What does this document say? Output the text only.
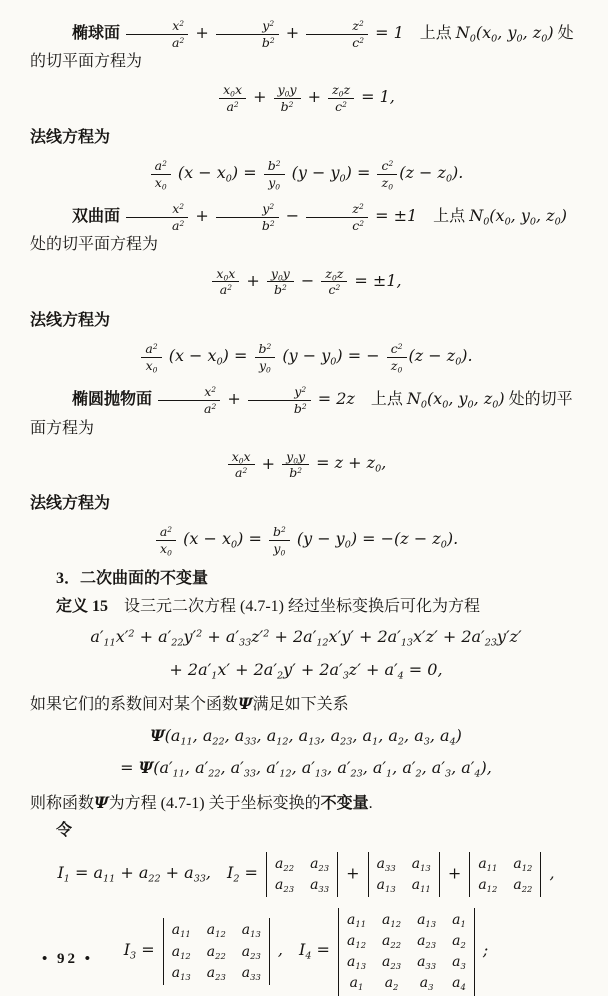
椭球面 $\frac{x^2}{a^2} + \frac{y^2}{b^2} + \frac{z^2}{c^2} = 1$　上点 $N_0(x_0$, $y_0$, $z_0$) 处的切平面方程为

$\frac{x_0x}{a^2} + \frac{y_0y}{b^2} + \frac{z_0z}{c^2} = 1$,

法线方程为

$\frac{a^2}{x_0} (x - x_0) = \frac{b^2}{y_0} (y - y_0) = \frac{c^2}{z_0} (z - z_0)$.

双曲面 $\frac{x^2}{a^2} + \frac{y^2}{b^2} - \frac{z^2}{c^2} = \pm 1$　上点 $N_0(x_0$, $y_0$, $z_0$) 处的切平面方程为

$\frac{x_0x}{a^2} + \frac{y_0y}{b^2} - \frac{z_0z}{c^2} = \pm 1$,

法线方程为

$\frac{a^2}{x_0} (x - x_0) = \frac{b^2}{y_0} (y - y_0)$ = − $\frac{c^2}{z_0} (z - z_0)$.

椭圆抛物面 $\frac{x^2}{a^2} + \frac{y^2}{b^2} = 2z$　上点 $N_0(x_0$, $y_0$, $z_0$) 处的切平面方程为

$\frac{x_0x}{a^2} + \frac{y_0y}{b^2} = z + z_0$,

法线方程为

$\frac{a^2}{x_0} (x - x_0) = \frac{b^2}{y_0} (y - y_0) = -(z - z_0)$.

3．二次曲面的不变量

定义 15　设三元二次方程 (4.7-1) 经过坐标变换后可化为方程

$a'_{11}x'^2 + a'_{22}y'^2 + a'_{33}z'^2 + 2a'_{12}x'y' + 2a'_{13}x'z' + 2a'_{23}y'z'$
+ $2a'_1x' + 2a'_2y' + 2a'_3z' + a'_4 = 0$,

如果它们的系数间对某个函数Ψ满足如下关系

$\Psi(a_{11}$, $a_{22}$, $a_{33}$, $a_{12}$, $a_{13}$, $a_{23}$, $a_1$, $a_2$, $a_3$, $a_4$)
= $\Psi(a'_{11}$, $a'_{22}$, $a'_{33}$, $a'_{12}$, $a'_{13}$, $a'_{23}$, $a'_1$, $a'_2$, $a'_3$, $a'_4$),

则称函数Ψ为方程 (4.7-1) 关于坐标变换的不变量.

令

$I_1 = a_{11} + a_{22} + a_{33}$,　$I_2 = a_{22}$ $a_{23}$
$a_{23}$ $a_{33}$
+ $a_{33}$ $a_{13}$
$a_{13}$ $a_{11}$
+ $a_{11}$ $a_{12}$
$a_{12}$ $a_{22}$
,
$I_3$ =
$a_{11}$ $a_{12}$ $a_{13}$
$a_{12}$ $a_{22}$ $a_{23}$
$a_{13}$ $a_{23}$ $a_{33}$
,　$I_4$ =
$a_{11}$ $a_{12}$ $a_{13}$ $a_1$
$a_{12}$ $a_{22}$ $a_{23}$ $a_2$
$a_{13}$ $a_{23}$ $a_{33}$ $a_3$
$a_1$ $a_2$ $a_3$ $a_4$
;
• 92 •
